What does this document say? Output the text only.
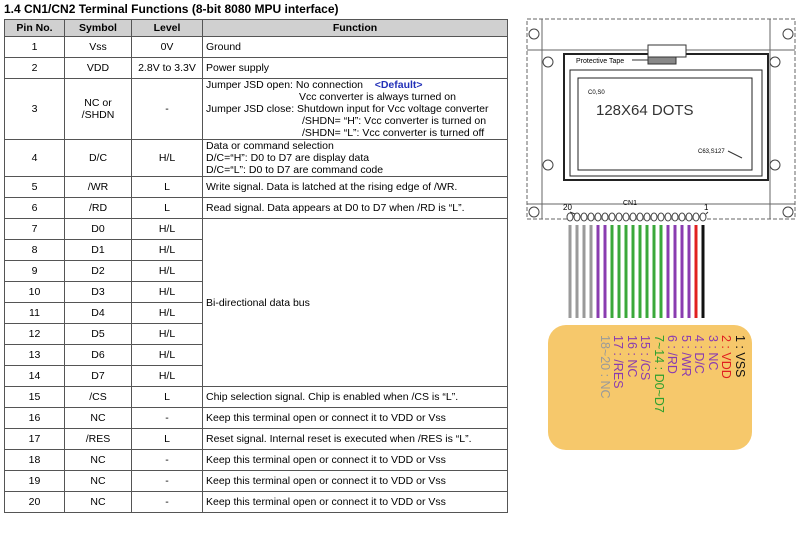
1.4 CN1/CN2 Terminal Functions (8-bit 8080 MPU interface)
Pin No.	Symbol	Level	Function
1	Vss	0V	Ground
2	VDD	2.8V to 3.3V	Power supply
3	NC or /SHDN	-	Jumper JSD open: No connection <Default>
Vcc converter is always turned on
Jumper JSD close: Shutdown input for Vcc voltage converter
/SHDN= “H”: Vcc converter is turned on
/SHDN= “L”: Vcc converter is turned off

4	D/C	H/L	Data or command selection
D/C=“H”: D0 to D7 are display data
D/C=“L”: D0 to D7 are command code

5	/WR	L	Write signal. Data is latched at the rising edge of /WR.
6	/RD	L	Read signal. Data appears at D0 to D7 when /RD is “L”.
7	D0	H/L	Bi-directional data bus
8	D1	H/L	
9	D2	H/L	
10	D3	H/L	
11	D4	H/L	
12	D5	H/L	
13	D6	H/L	
14	D7	H/L	
15	/CS	L	Chip selection signal. Chip is enabled when /CS is “L”.
16	NC	-	Keep this terminal open or connect it to VDD or Vss
17	/RES	L	Reset signal. Internal reset is executed when /RES is “L”.
18	NC	-	Keep this terminal open or connect it to VDD or Vss
19	NC	-	Keep this terminal open or connect it to VDD or Vss
20	NC	-	Keep this terminal open or connect it to VDD or Vss
Protective Tape
C0,S0
128X64 DOTS
C63,S127
CN1
20	1
1 : VSS
2 : VDD
3 : NC
4 : D/C
5 : /WR
6 : /RD
7~14 : D0~D7
15 : /CS
16 : NC
17 : /RES
18~20 : NC
